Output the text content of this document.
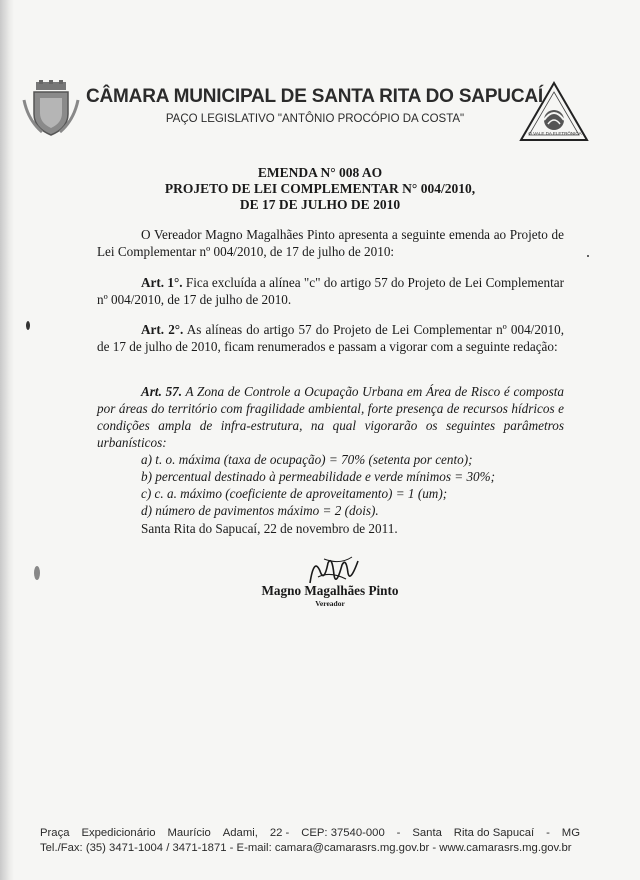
CÂMARA MUNICIPAL DE SANTA RITA DO SAPUCAÍ
PAÇO LEGISLATIVO "ANTÔNIO PROCÓPIO DA COSTA"
O VALE DA ELETRÔNICA
EMENDA N° 008 AO
PROJETO DE LEI COMPLEMENTAR N° 004/2010,
DE 17 DE JULHO DE 2010
O Vereador Magno Magalhães Pinto apresenta a seguinte emenda ao Projeto de Lei Complementar nº 004/2010, de 17 de julho de 2010:
Art. 1°. Fica excluída a alínea "c" do artigo 57 do Projeto de Lei Complementar nº 004/2010, de 17 de julho de 2010.
Art. 2°. As alíneas do artigo 57 do Projeto de Lei Complementar nº 004/2010, de 17 de julho de 2010, ficam renumerados e passam a vigorar com a seguinte redação:
Art. 57. A Zona de Controle a Ocupação Urbana em Área de Risco é composta por áreas do território com fragilidade ambiental, forte presença de recursos hídricos e condições ampla de infra-estrutura, na qual vigorarão os seguintes parâmetros urbanísticos:
a) t. o. máxima (taxa de ocupação) = 70% (setenta por cento);
b) percentual destinado à permeabilidade e verde mínimos = 30%;
c) c. a. máximo (coeficiente de aproveitamento) = 1 (um);
d) número de pavimentos máximo = 2 (dois).
Santa Rita do Sapucaí, 22 de novembro de 2011.
Magno Magalhães Pinto
Vereador
Praça Expedicionário Maurício Adami, 22 - CEP: 37540-000 - Santa Rita do Sapucaí - MG
Tel./Fax: (35) 3471-1004 / 3471-1871 - E-mail: camara@camarasrs.mg.gov.br - www.camarasrs.mg.gov.br
